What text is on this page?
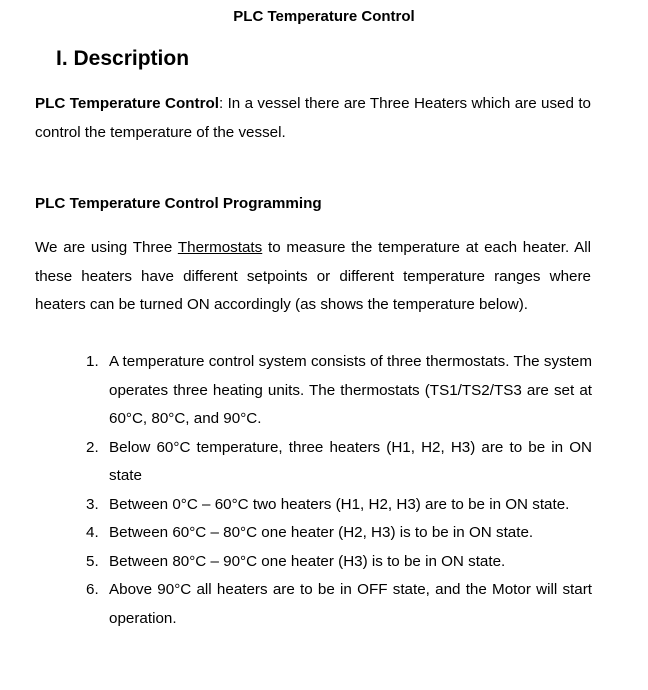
PLC Temperature Control
I. Description

PLC Temperature Control: In a vessel there are Three Heaters which are used to control the temperature of the vessel.

PLC Temperature Control Programming

We are using Three Thermostats to measure the temperature at each heater. All these heaters have different setpoints or different temperature ranges where heaters can be turned ON accordingly (as shows the temperature below).

1. A temperature control system consists of three thermostats. The system operates three heating units. The thermostats (TS1/TS2/TS3 are set at 60°C, 80°C, and 90°C.
2. Below 60°C temperature, three heaters (H1, H2, H3) are to be in ON state
3. Between 0°C – 60°C two heaters (H1, H2, H3) are to be in ON state.
4. Between 60°C – 80°C one heater (H2, H3) is to be in ON state.
5. Between 80°C – 90°C one heater (H3) is to be in ON state.
6. Above 90°C all heaters are to be in OFF state, and the Motor will start operation.
